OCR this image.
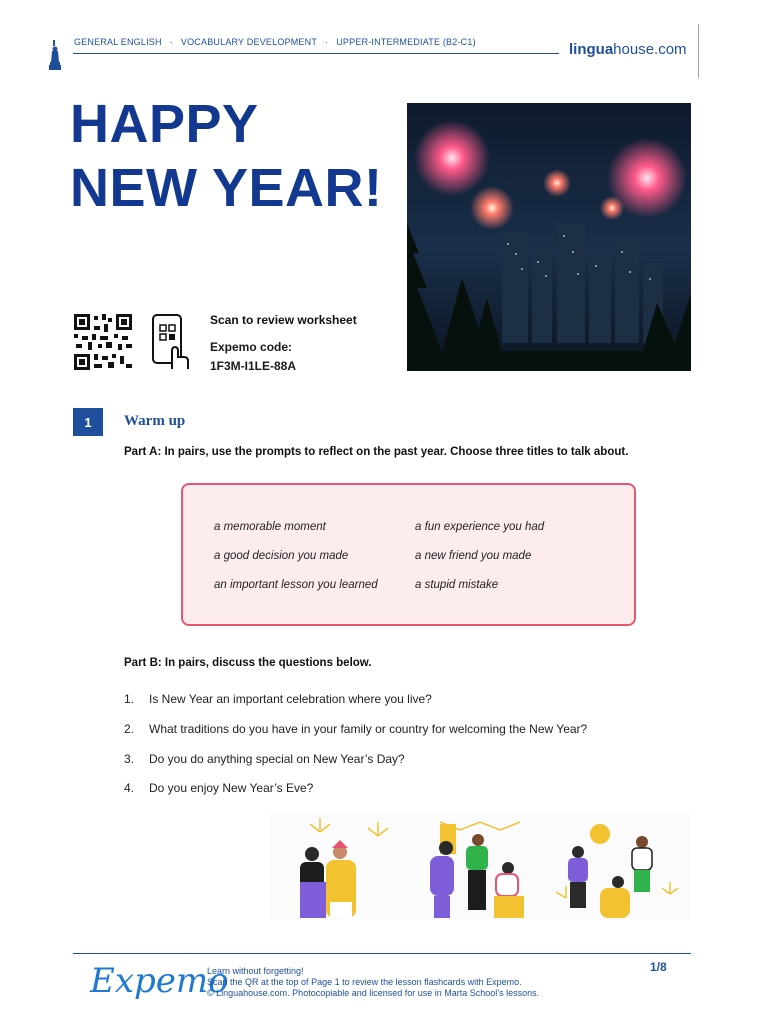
GENERAL ENGLISH · VOCABULARY DEVELOPMENT · UPPER-INTERMEDIATE (B2-C1)	linguahouse.com
HAPPY
NEW YEAR!
Scan to review worksheet
Expemo code:
1F3M-I1LE-88A
1	Warm up
Part A: In pairs, use the prompts to reflect on the past year. Choose three titles to talk about.
a memorable moment
a good decision you made
an important lesson you learned
a fun experience you had
a new friend you made
a stupid mistake
Part B: In pairs, discuss the questions below.
1. Is New Year an important celebration where you live?
2. What traditions do you have in your family or country for welcoming the New Year?
3. Do you do anything special on New Year’s Day?
4. Do you enjoy New Year’s Eve?
Expemo
Learn without forgetting!
Scan the QR at the top of Page 1 to review the lesson flashcards with Expemo.
© Linguahouse.com. Photocopiable and licensed for use in Marta School’s lessons.
1/8
